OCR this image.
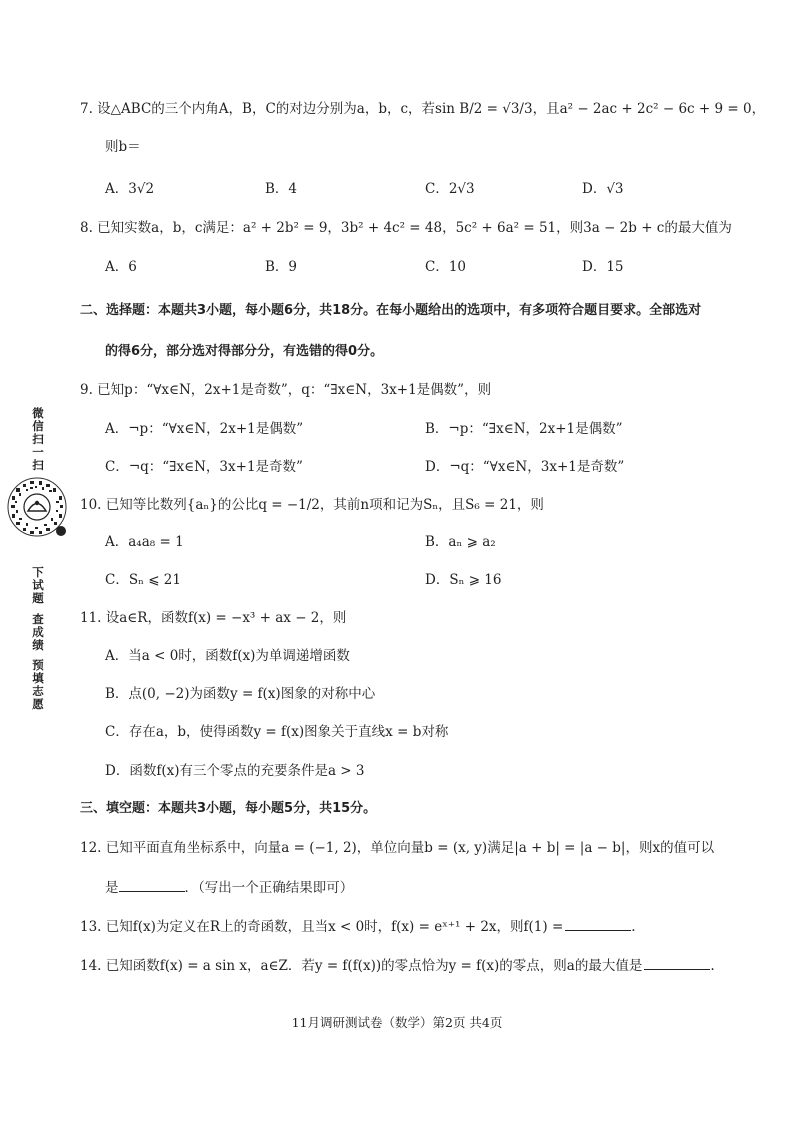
7. 设△ABC的三个内角A，B，C的对边分别为a，b，c，若sin B/2 = √3/3，且a² − 2ac + 2c² − 6c + 9 = 0，
则b＝
A．3√2	B．4	C．2√3	D．√3
8. 已知实数a，b，c满足：a² + 2b² = 9，3b² + 4c² = 48，5c² + 6a² = 51，则3a − 2b + c的最大值为
A．6	B．9	C．10	D．15
二、选择题：本题共3小题，每小题6分，共18分。在每小题给出的选项中，有多项符合题目要求。全部选对
的得6分，部分选对得部分分，有选错的得0分。
9. 已知p：“∀x∈N，2x+1是奇数”，q：“∃x∈N，3x+1是偶数”，则
A．¬p：“∀x∈N，2x+1是偶数”	B．¬p：“∃x∈N，2x+1是偶数”
C．¬q：“∃x∈N，3x+1是奇数”	D．¬q：“∀x∈N，3x+1是奇数”
10. 已知等比数列{aₙ}的公比q = −1/2，其前n项和记为Sₙ，且S₆ = 21，则
A．a₄a₈ = 1	B．aₙ ⩾ a₂
C．Sₙ ⩽ 21	D．Sₙ ⩾ 16
11. 设a∈R，函数f(x) = −x³ + ax − 2，则
A．当a < 0时，函数f(x)为单调递增函数
B．点(0, −2)为函数y = f(x)图象的对称中心
C．存在a，b，使得函数y = f(x)图象关于直线x = b对称
D．函数f(x)有三个零点的充要条件是a > 3
三、填空题：本题共3小题，每小题5分，共15分。
12. 已知平面直角坐标系中，向量a = (−1, 2)，单位向量b = (x, y)满足|a + b| = |a − b|，则x的值可以
是	．（写出一个正确结果即可）
13. 已知f(x)为定义在R上的奇函数，且当x < 0时，f(x) = eˣ⁺¹ + 2x，则f(1) =	.
14. 已知函数f(x) = a sin x，a∈Z．若y = f(f(x))的零点恰为y = f(x)的零点，则a的最大值是	.
11月调研测试卷（数学）第2页 共4页
微信扫一扫
下试题
查成绩
预填志愿
